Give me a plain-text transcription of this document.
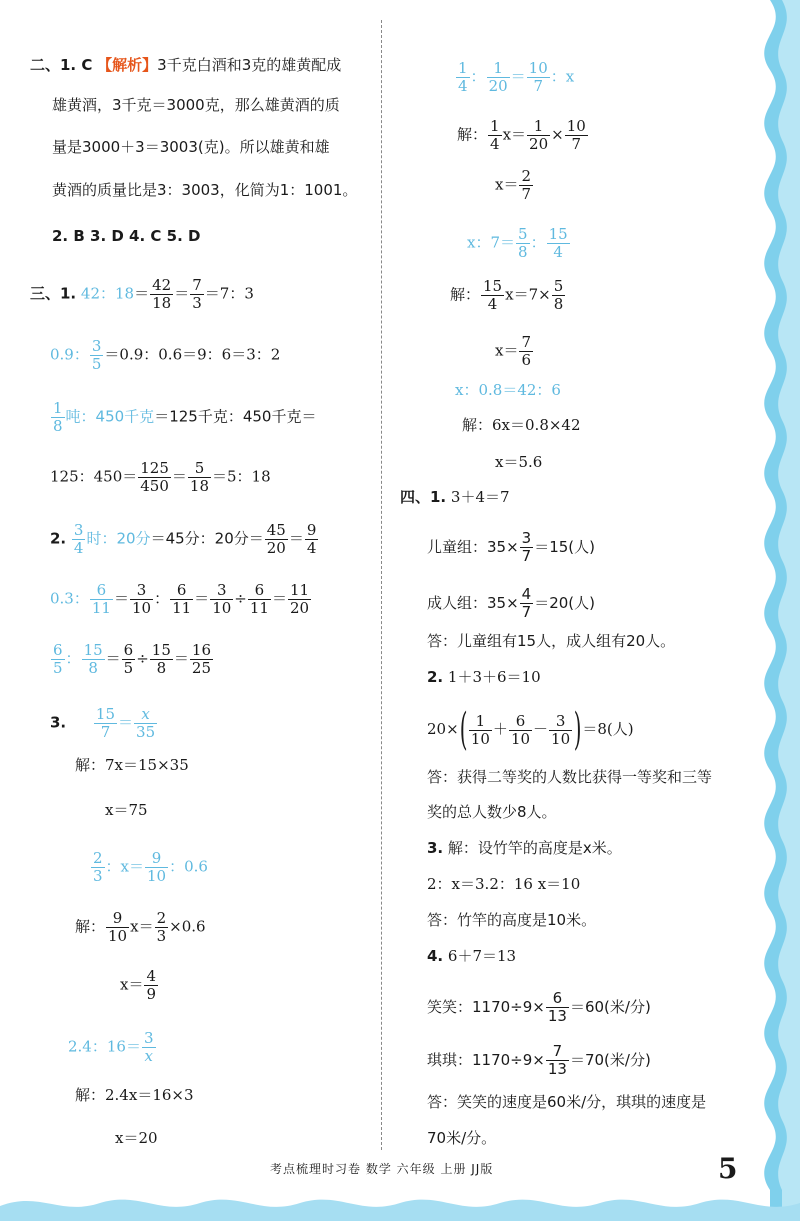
二、1. C 【解析】3千克白酒和3克的雄黄配成
雄黄酒，3千克＝3000克，那么雄黄酒的质
量是3000＋3＝3003(克)。所以雄黄和雄
黄酒的质量比是3：3003，化简为1：1001。
2. B 3. D 4. C 5. D
三、1. 42：$18= \frac{42}{18} = \frac{7}{3} =7$：3
0.9： $\frac{3}{5} =0.9$：0.6＝9：6＝3：2
$\frac{1}{8}$ 吨：450千克＝125千克：450千克＝
125：$450= \frac{125}{450} = \frac{5}{18} =5$：18
2. $\frac{3}{4}$ 时：20分＝45分：20分＝ $\frac{45}{20} = \frac{9}{4}$
0.3： $\frac{6}{11} = \frac{3}{10}$ ： $\frac{6}{11} = \frac{3}{10} \div \frac{6}{11} = \frac{11}{20}$
$\frac{6}{5}$ ： $\frac{15}{8} = \frac{6}{5} \div \frac{15}{8} = \frac{16}{25}$
3. $\frac{15}{7} = \frac{x}{35}$
解：7x＝15×35
x＝75
$\frac{2}{3}$ ：$x= \frac{9}{10}$ ：0.6
解： $\frac{9}{10} x= \frac{2}{3} \times 0.6$
$x= \frac{4}{9}$
2.4：$16= \frac{3}{x}$
解：2.4x＝16×3
x＝20
$\frac{1}{4}$ ： $\frac{1}{20} = \frac{10}{7}$ ：x
解： $\frac{1}{4} x= \frac{1}{20} \times \frac{10}{7}$
$x= \frac{2}{7}$
x：$7= \frac{5}{8}$ ： $\frac{15}{4}$
解： $\frac{15}{4} x=7\times \frac{5}{8}$
$x= \frac{7}{6}$
x：0.8＝42：6
解：6x＝0.8×42
x＝5.6
四、1. 3＋4＝7
儿童组：$35\times \frac{3}{7} =15$(人)
成人组：$35\times \frac{4}{7} =20$(人)
答：儿童组有15人，成人组有20人。
2. 1＋3＋6＝10
$20\times( \frac{1}{10} + \frac{6}{10} - \frac{3}{10} )=8$(人)
答：获得二等奖的人数比获得一等奖和三等
奖的总人数少8人。
3. 解：设竹竿的高度是x米。
2：x＝3.2：16 x＝10
答：竹竿的高度是10米。
4. 6＋7＝13
笑笑：$1170\div 9\times \frac{6}{13} =60$(米/分)
琪琪：$1170\div 9\times \frac{7}{13} =70$(米/分)
答：笑笑的速度是60米/分，琪琪的速度是
70米/分。
考点梳理时习卷 数学 六年级 上册 JJ版	5
